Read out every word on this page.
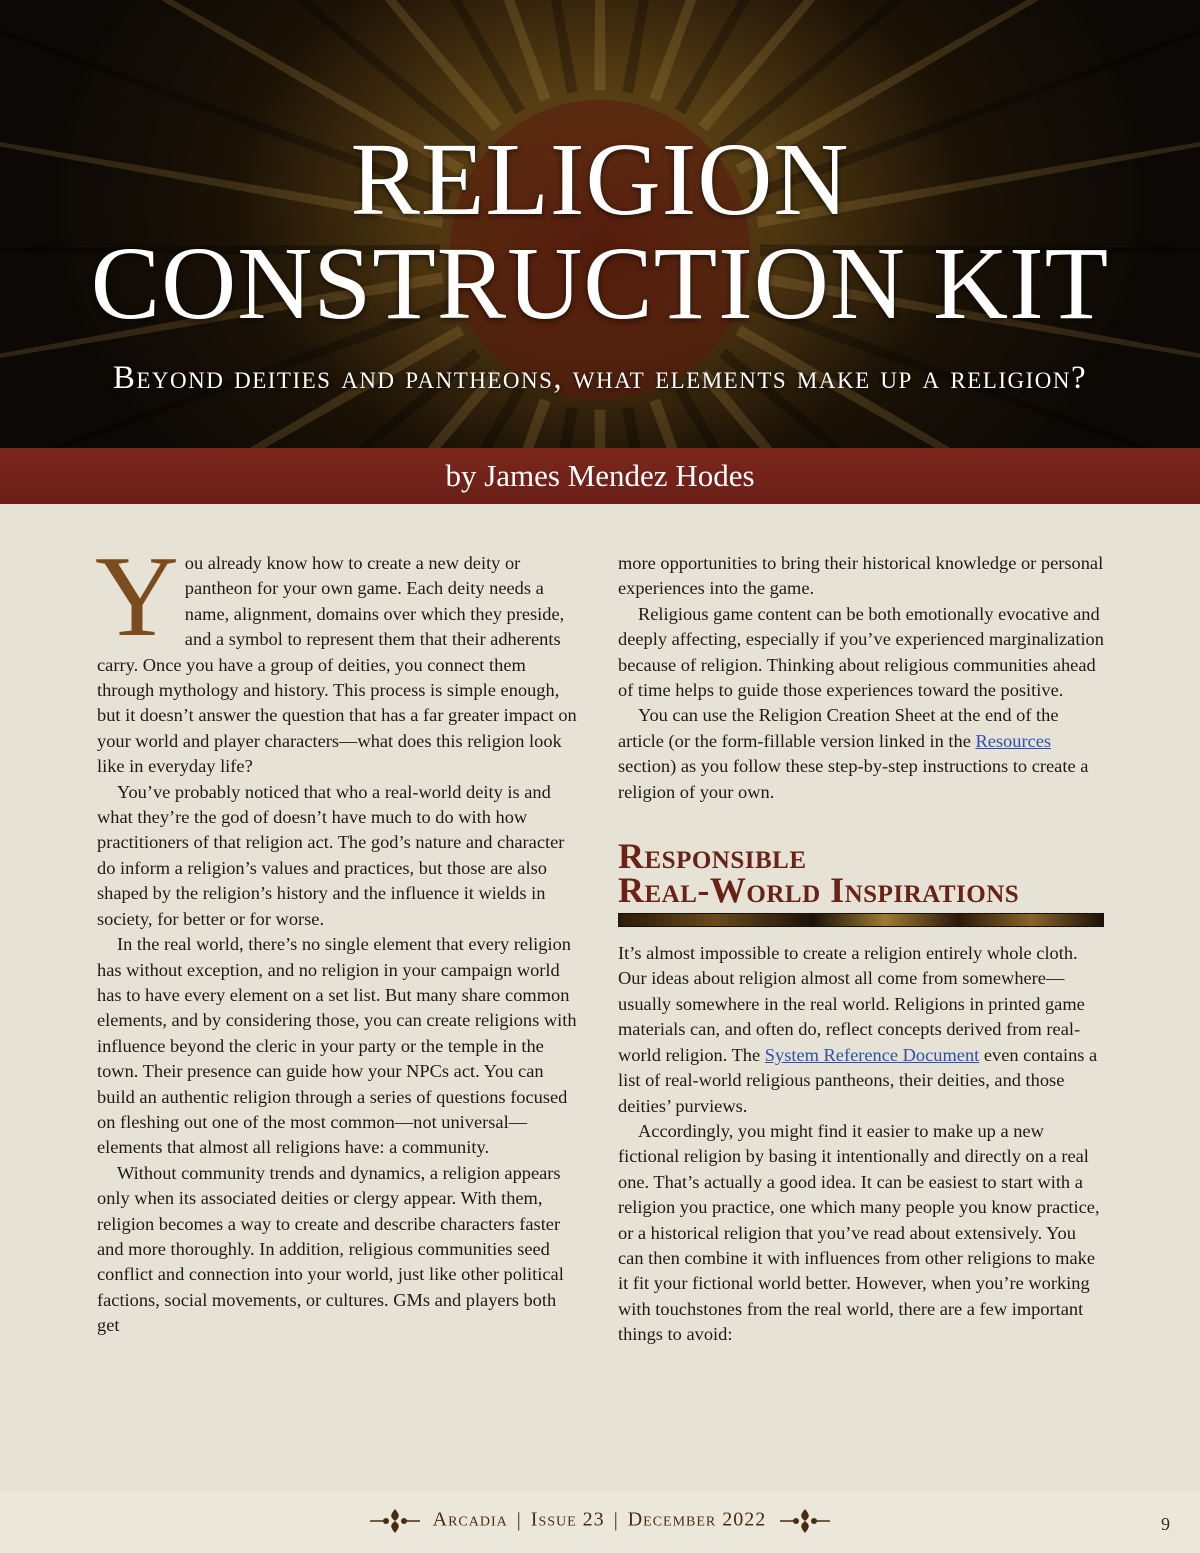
RELIGION
CONSTRUCTION KIT
Beyond deities and pantheons, what elements make up a religion?
by James Mendez Hodes

You already know how to create a new deity or pantheon for your own game. Each deity needs a name, alignment, domains over which they preside, and a symbol to represent them that their adherents carry. Once you have a group of deities, you connect them through mythology and history. This process is simple enough, but it doesn’t answer the question that has a far greater impact on your world and player characters—what does this religion look like in everyday life?

You’ve probably noticed that who a real-world deity is and what they’re the god of doesn’t have much to do with how practitioners of that religion act. The god’s nature and character do inform a religion’s values and practices, but those are also shaped by the religion’s history and the influence it wields in society, for better or for worse.

In the real world, there’s no single element that every religion has without exception, and no religion in your campaign world has to have every element on a set list. But many share common elements, and by considering those, you can create religions with influence beyond the cleric in your party or the temple in the town. Their presence can guide how your NPCs act. You can build an authentic religion through a series of questions focused on fleshing out one of the most common—not universal—elements that almost all religions have: a community.

Without community trends and dynamics, a religion appears only when its associated deities or clergy appear. With them, religion becomes a way to create and describe characters faster and more thoroughly. In addition, religious communities seed conflict and connection into your world, just like other political factions, social movements, or cultures. GMs and players both get

more opportunities to bring their historical knowledge or personal experiences into the game.

Religious game content can be both emotionally evocative and deeply affecting, especially if you’ve experienced marginalization because of religion. Thinking about religious communities ahead of time helps to guide those experiences toward the positive.

You can use the Religion Creation Sheet at the end of the article (or the form-fillable version linked in the Resources section) as you follow these step-by-step instructions to create a religion of your own.

Responsible
Real-World Inspirations

It’s almost impossible to create a religion entirely whole cloth. Our ideas about religion almost all come from somewhere—usually somewhere in the real world. Religions in printed game materials can, and often do, reflect concepts derived from real-world religion. The System Reference Document even contains a list of real-world religious pantheons, their deities, and those deities’ purviews.

Accordingly, you might find it easier to make up a new fictional religion by basing it intentionally and directly on a real one. That’s actually a good idea. It can be easiest to start with a religion you practice, one which many people you know practice, or a historical religion that you’ve read about extensively. You can then combine it with influences from other religions to make it fit your fictional world better. However, when you’re working with touchstones from the real world, there are a few important things to avoid:

Arcadia | Issue 23 | December 2022	9
